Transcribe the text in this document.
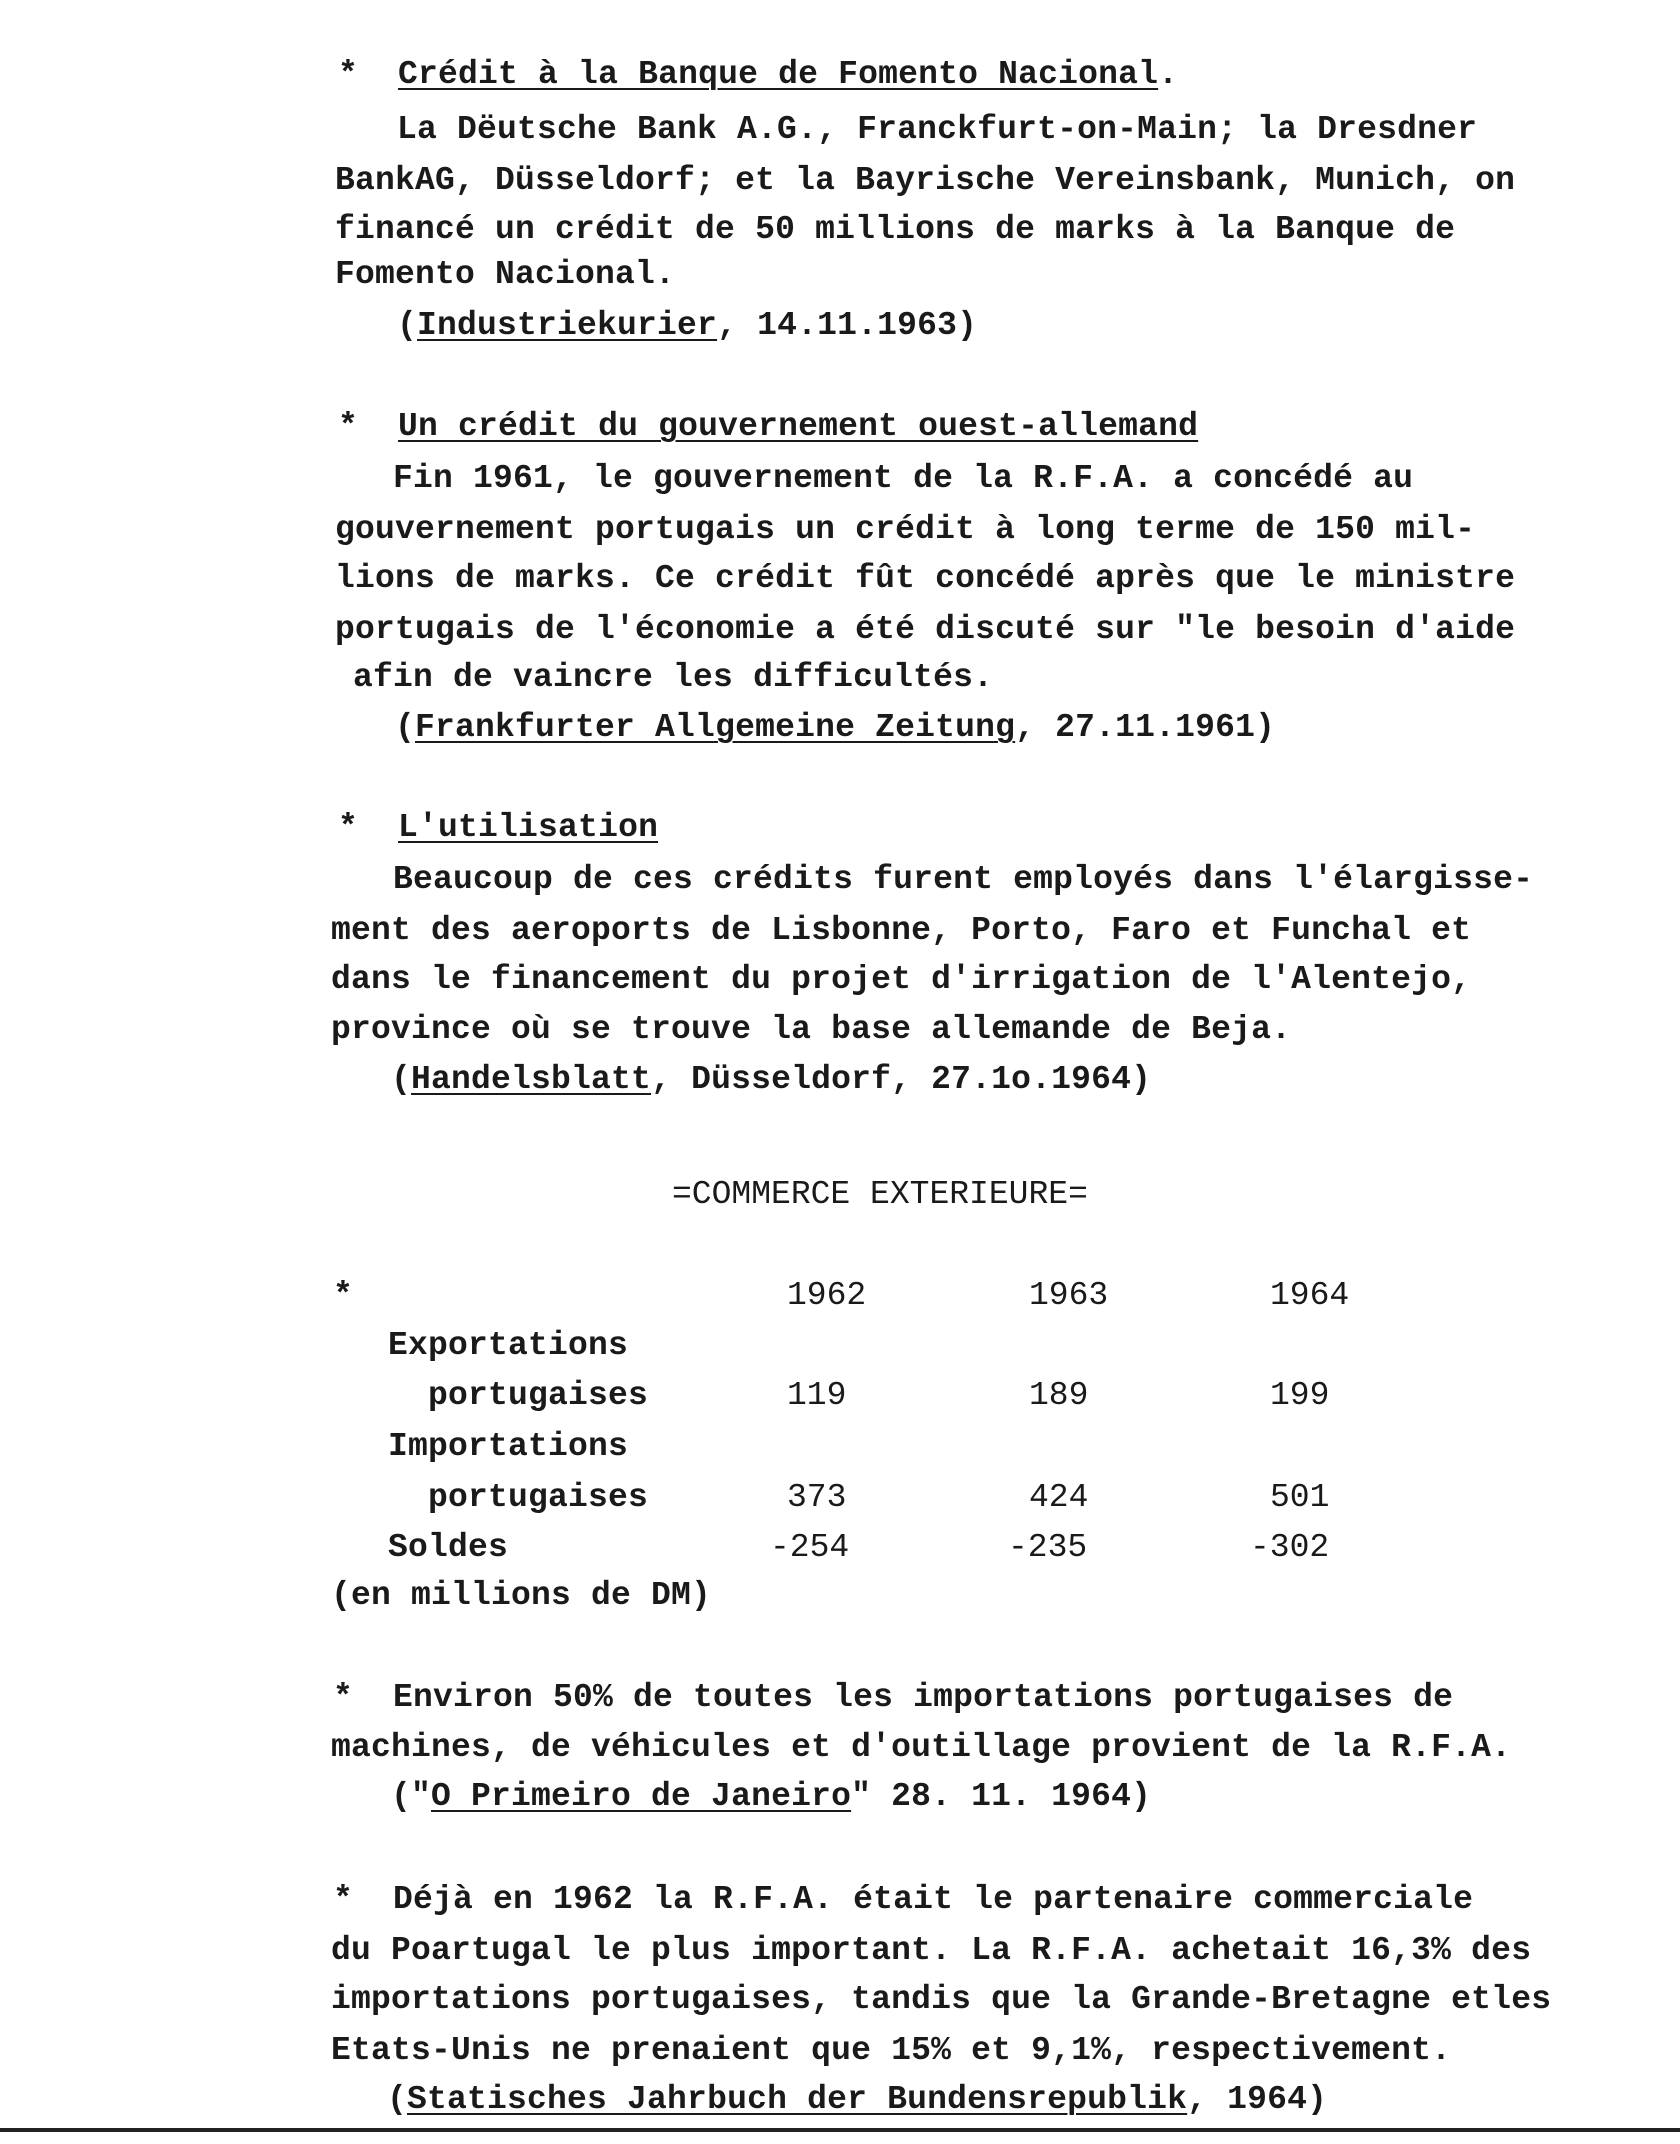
* Crédit à la Banque de Fomento Nacional.
La Dëutsche Bank A.G., Franckfurt-on-Main; la Dresdner
BankAG, Düsseldorf; et la Bayrische Vereinsbank, Munich, on
financé un crédit de 50 millions de marks à la Banque de
Fomento Nacional.
(Industriekurier, 14.11.1963)
* Un crédit du gouvernement ouest-allemand
Fin 1961, le gouvernement de la R.F.A. a concédé au
gouvernement portugais un crédit à long terme de 150 mil-
lions de marks. Ce crédit fût concédé après que le ministre
portugais de l'économie a été discuté sur "le besoin d'aide
afin de vaincre les difficultés.
(Frankfurter Allgemeine Zeitung, 27.11.1961)
* L'utilisation
Beaucoup de ces crédits furent employés dans l'élargisse-
ment des aeroports de Lisbonne, Porto, Faro et Funchal et
dans le financement du projet d'irrigation de l'Alentejo,
province où se trouve la base allemande de Beja.
(Handelsblatt, Düsseldorf, 27.1o.1964)
=COMMERCE EXTERIEURE=
*	1962	1963	1964
Exportations
portugaises	119	189	199
Importations
portugaises	373	424	501
Soldes	-254	-235	-302
(en millions de DM)
*  Environ 50% de toutes les importations portugaises de
machines, de véhicules et d'outillage provient de la R.F.A.
("O Primeiro de Janeiro" 28. 11. 1964)
*  Déjà en 1962 la R.F.A. était le partenaire commerciale
du Poartugal le plus important. La R.F.A. achetait 16,3% des
importations portugaises, tandis que la Grande-Bretagne etles
Etats-Unis ne prenaient que 15% et 9,1%, respectivement.
(Statisches Jahrbuch der Bundensrepublik, 1964)
